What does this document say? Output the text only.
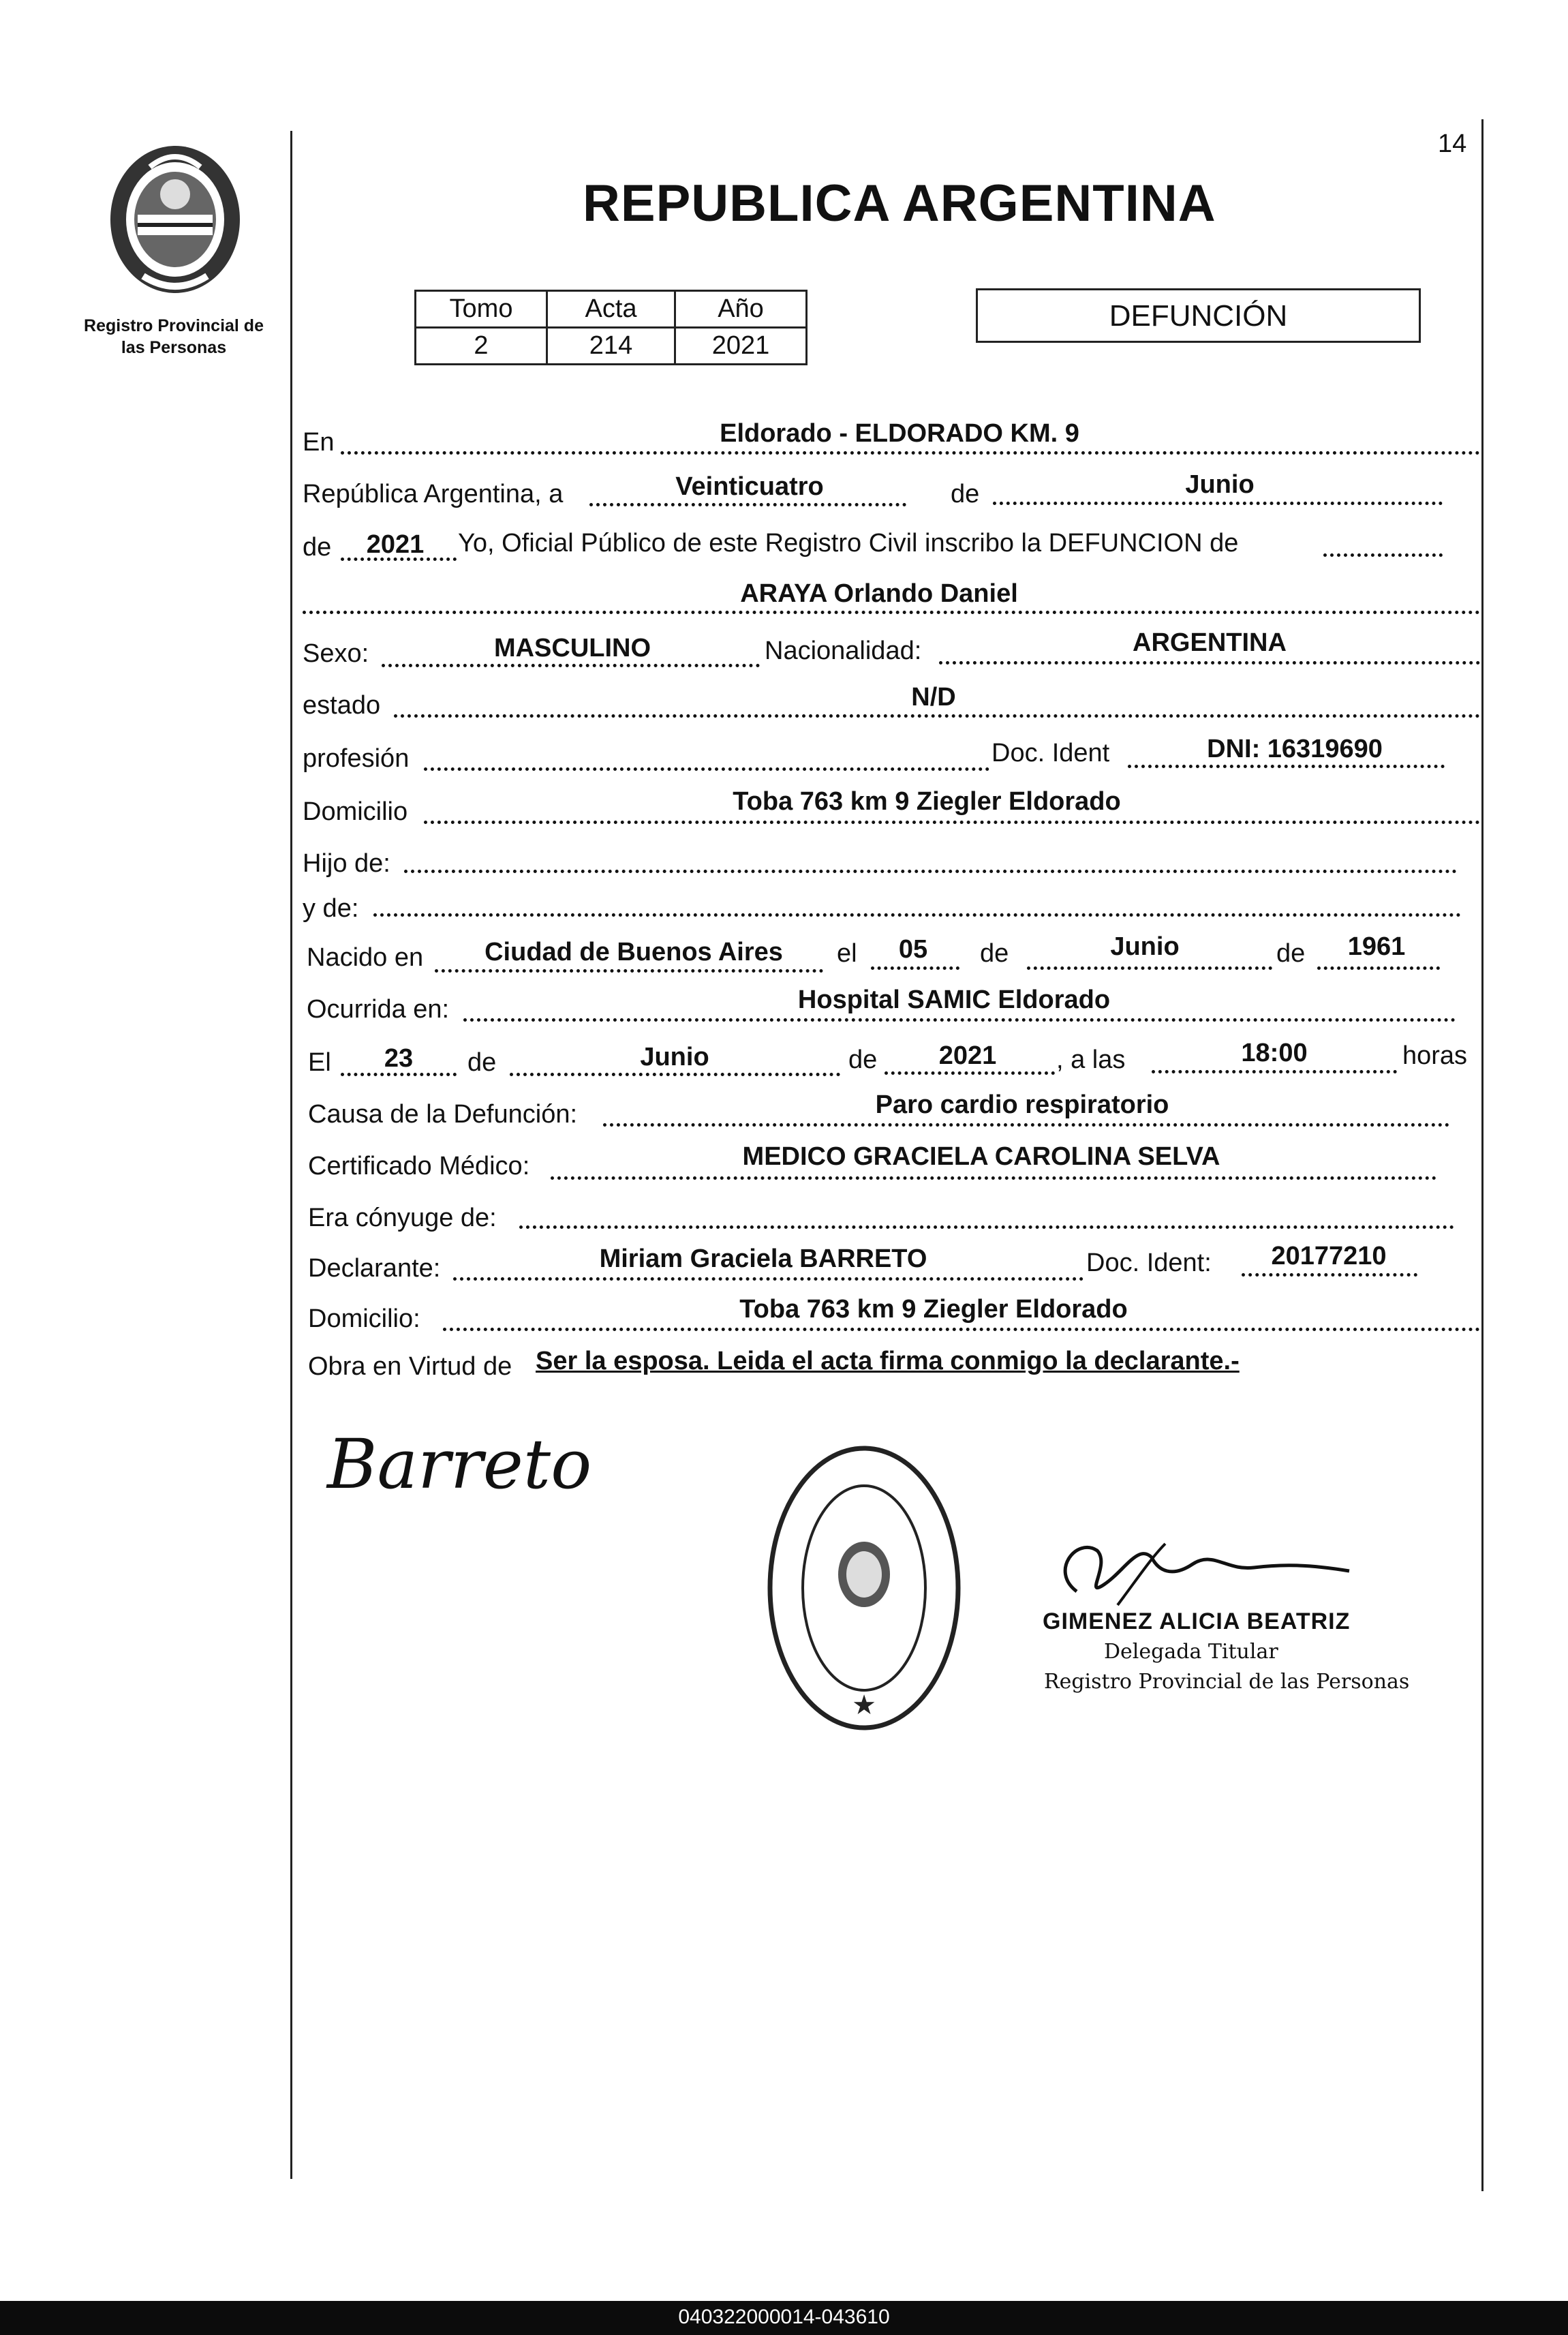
14
Registro Provincial de
las Personas
REPUBLICA ARGENTINA
Tomo	Acta	Año
2	214	2021
DEFUNCIÓN
En	Eldorado - ELDORADO KM. 9
República Argentina, a	Veinticuatro	de	Junio
de	2021	Yo, Oficial Público de este Registro Civil inscribo la DEFUNCION de
ARAYA Orlando Daniel
Sexo:	MASCULINO	Nacionalidad:	ARGENTINA
estado	N/D
profesión	Doc. Ident	DNI: 16319690
Domicilio	Toba 763 km 9 Ziegler Eldorado
Hijo de:
y de:
Nacido en	Ciudad de Buenos Aires	el	05	de	Junio	de	1961
Ocurrida en:	Hospital SAMIC Eldorado
El	23	de	Junio	de	2021	, a las	18:00	horas
Causa de la Defunción:	Paro cardio respiratorio
Certificado Médico:	MEDICO GRACIELA CAROLINA SELVA
Era cónyuge de:
Declarante:	Miriam Graciela BARRETO	Doc. Ident:	20177210
Domicilio:	Toba 763 km 9 Ziegler Eldorado
Obra en Virtud de Ser la esposa. Leida el acta firma conmigo la declarante.-
Barreto
★
GIMENEZ ALICIA BEATRIZ
Delegada Titular
Registro Provincial de las Personas
040322000014-043610
